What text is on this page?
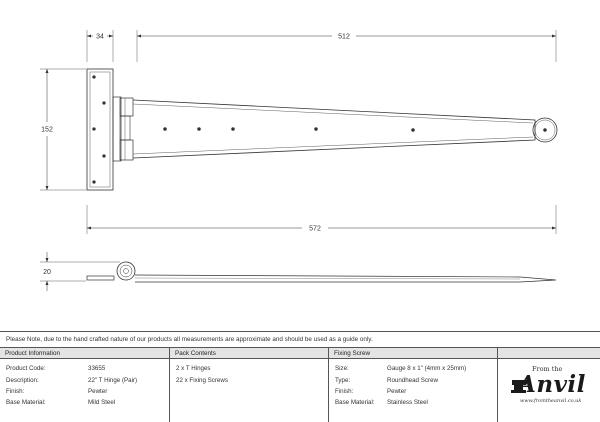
34	512
152
572
20
Please Note, due to the hand crafted nature of our products all measurements are approximate and should be used as a guide only.
Product Information
Product Code:	33655
Description:	22" T Hinge (Pair)
Finish:	Pewter
Base Material:	Mild Steel
Pack Contents
2 x T Hinges
22 x Fixing Screws
Fixing Screw
Size:	Gauge 8 x 1" (4mm x 25mm)
Type:	Roundhead Screw
Finish:	Pewter
Base Material: Stainless Steel
From the
Anvil
www.fromtheanvil.co.uk
